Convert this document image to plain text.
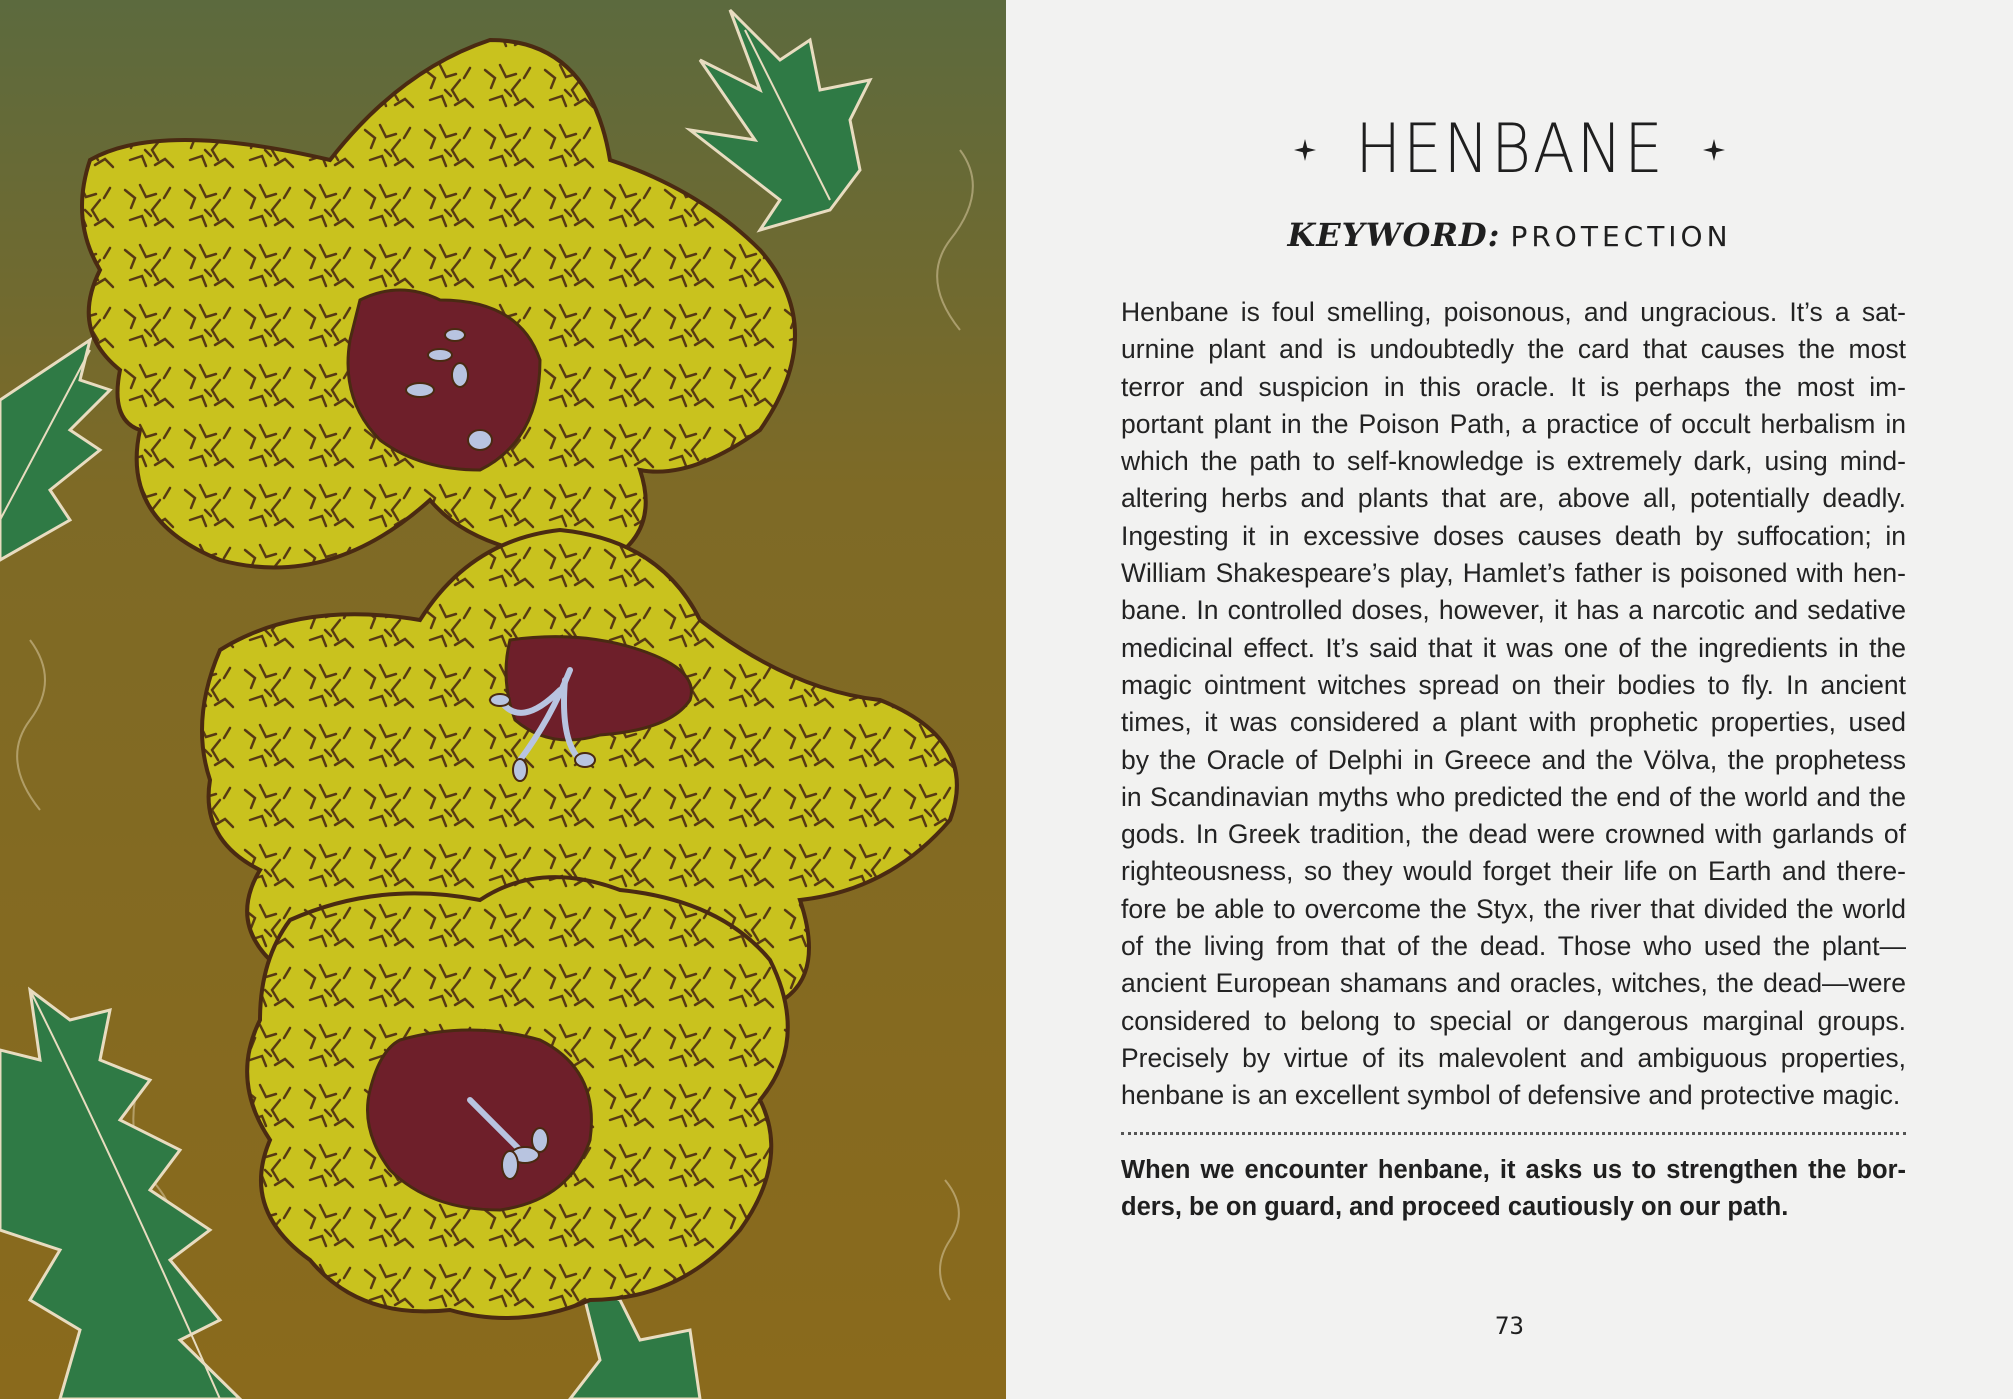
HENBANE
KEYWORD: PROTECTION
Henbane is foul smelling, poisonous, and ungracious. It’s a sat-
urnine plant and is undoubtedly the card that causes the most
terror and suspicion in this oracle. It is perhaps the most im-
portant plant in the Poison Path, a practice of occult herbalism in
which the path to self-knowledge is extremely dark, using mind-
altering herbs and plants that are, above all, potentially deadly.
Ingesting it in excessive doses causes death by suffocation; in
William Shakespeare’s play, Hamlet’s father is poisoned with hen-
bane. In controlled doses, however, it has a narcotic and sedative
medicinal effect. It’s said that it was one of the ingredients in the
magic ointment witches spread on their bodies to fly. In ancient
times, it was considered a plant with prophetic properties, used
by the Oracle of Delphi in Greece and the Völva, the prophetess
in Scandinavian myths who predicted the end of the world and the
gods. In Greek tradition, the dead were crowned with garlands of
righteousness, so they would forget their life on Earth and there-
fore be able to overcome the Styx, the river that divided the world
of the living from that of the dead. Those who used the plant—
ancient European shamans and oracles, witches, the dead—were
considered to belong to special or dangerous marginal groups.
Precisely by virtue of its malevolent and ambiguous properties,
henbane is an excellent symbol of defensive and protective magic.
When we encounter henbane, it asks us to strengthen the bor-
ders, be on guard, and proceed cautiously on our path.
73
